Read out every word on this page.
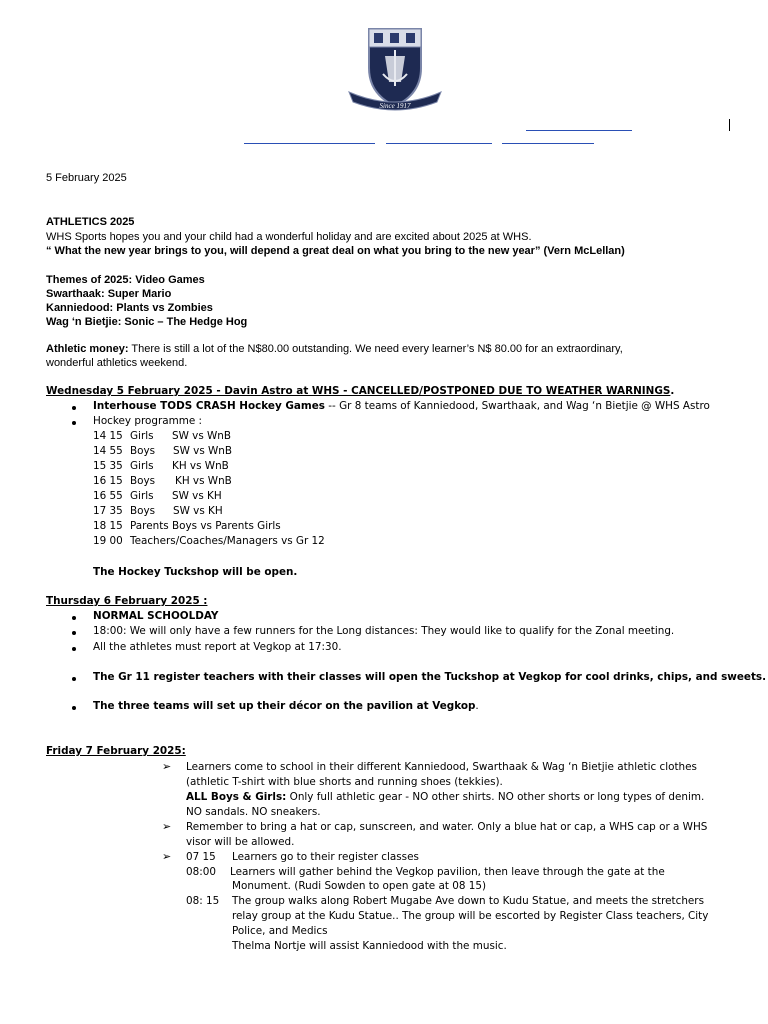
Since 1917
5 February 2025
ATHLETICS 2025
WHS Sports hopes you and your child had a wonderful holiday and are excited about 2025 at WHS.
“ What the new year brings to you, will depend a great deal on what you bring to the new year” (Vern McLellan)
Themes of 2025: Video Games
Swarthaak: Super Mario
Kanniedood: Plants vs Zombies
Wag ‘n Bietjie: Sonic – The Hedge Hog
Athletic money: There is still a lot of the N$80.00 outstanding. We need every learner’s N$ 80.00 for an extraordinary,
wonderful athletics weekend.
Wednesday 5 February 2025 - Davin Astro at WHS - CANCELLED/POSTPONED DUE TO WEATHER WARNINGS.
Interhouse TODS CRASH Hockey Games -- Gr 8 teams of Kanniedood, Swarthaak, and Wag ‘n Bietjie @ WHS Astro
Hockey programme :
14 15 Girls SW vs WnB
14 55 Boys SW vs WnB
15 35 Girls KH vs WnB
16 15 Boys KH vs WnB
16 55 Girls SW vs KH
17 35 Boys SW vs KH
18 15 Parents Boys vs Parents Girls
19 00 Teachers/Coaches/Managers vs Gr 12
The Hockey Tuckshop will be open.
Thursday 6 February 2025 :
NORMAL SCHOOLDAY
18:00: We will only have a few runners for the Long distances: They would like to qualify for the Zonal meeting.
All the athletes must report at Vegkop at 17:30.
The Gr 11 register teachers with their classes will open the Tuckshop at Vegkop for cool drinks, chips, and sweets.
The three teams will set up their décor on the pavilion at Vegkop.
Friday 7 February 2025:
➢ Learners come to school in their different Kanniedood, Swarthaak & Wag ‘n Bietjie athletic clothes
(athletic T-shirt with blue shorts and running shoes (tekkies).
ALL Boys & Girls: Only full athletic gear - NO other shirts. NO other shorts or long types of denim.
NO sandals. NO sneakers.
➢ Remember to bring a hat or cap, sunscreen, and water. Only a blue hat or cap, a WHS cap or a WHS
visor will be allowed.
➢ 07 15 Learners go to their register classes
08:00 Learners will gather behind the Vegkop pavilion, then leave through the gate at the
Monument. (Rudi Sowden to open gate at 08 15)
08: 15 The group walks along Robert Mugabe Ave down to Kudu Statue, and meets the stretchers
relay group at the Kudu Statue.. The group will be escorted by Register Class teachers, City
Police, and Medics
Thelma Nortje will assist Kanniedood with the music.
